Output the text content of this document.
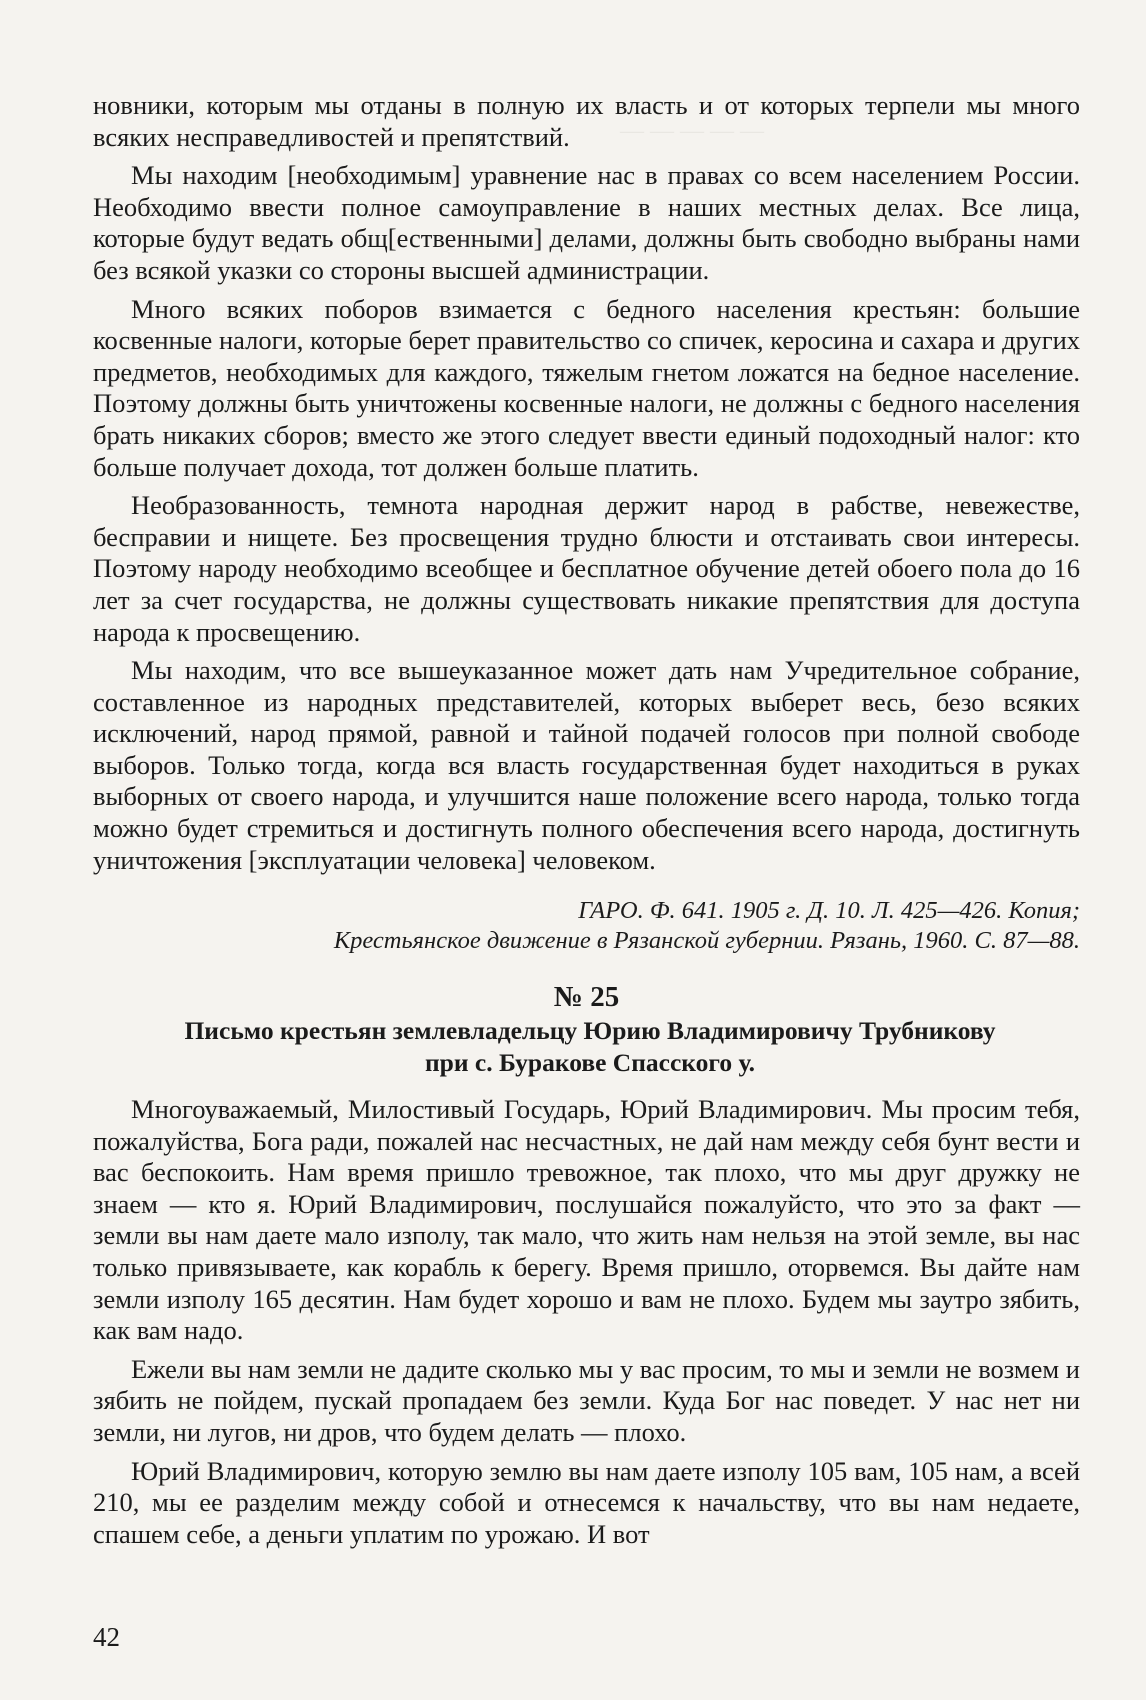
— — — — —

новники, которым мы отданы в полную их власть и от которых терпели мы много всяких несправедливостей и препятствий.

Мы находим [необходимым] уравнение нас в правах со всем населением России. Необходимо ввести полное самоуправление в наших местных делах. Все лица, которые будут ведать общ[ественными] делами, должны быть свободно выбраны нами без всякой указки со стороны высшей администрации.

Много всяких поборов взимается с бедного населения крестьян: большие косвенные налоги, которые берет правительство со спичек, керосина и сахара и других предметов, необходимых для каждого, тяжелым гнетом ложатся на бедное население. Поэтому должны быть уничтожены косвенные налоги, не должны с бедного населения брать никаких сборов; вместо же этого следует ввести единый подоходный налог: кто больше получает дохода, тот должен больше платить.

Необразованность, темнота народная держит народ в рабстве, невежестве, бесправии и нищете. Без просвещения трудно блюсти и отстаивать свои интересы. Поэтому народу необходимо всеобщее и бесплатное обучение детей обоего пола до 16 лет за счет государства, не должны существовать никакие препятствия для доступа народа к просвещению.

Мы находим, что все вышеуказанное может дать нам Учредительное собрание, составленное из народных представителей, которых выберет весь, безо всяких исключений, народ прямой, равной и тайной подачей голосов при полной свободе выборов. Только тогда, когда вся власть государственная будет находиться в руках выборных от своего народа, и улучшится наше положение всего народа, только тогда можно будет стремиться и достигнуть полного обеспечения всего народа, достигнуть уничтожения [эксплуатации человека] человеком.

ГАРО. Ф. 641. 1905 г. Д. 10. Л. 425—426. Копия;
Крестьянское движение в Рязанской губернии. Рязань, 1960. С. 87—88.
№ 25
Письмо крестьян землевладельцу Юрию Владимировичу Трубникову
при с. Буракове Спасского у.

Многоуважаемый, Милостивый Государь, Юрий Владимирович. Мы просим тебя, пожалуйства, Бога ради, пожалей нас несчастных, не дай нам между себя бунт вести и вас беспокоить. Нам время пришло тревожное, так плохо, что мы друг дружку не знаем — кто я. Юрий Владимирович, послушайся пожалуйсто, что это за факт — земли вы нам даете мало изполу, так мало, что жить нам нельзя на этой земле, вы нас только привязываете, как корабль к берегу. Время пришло, оторвемся. Вы дайте нам земли изполу 165 десятин. Нам будет хорошо и вам не плохо. Будем мы заутро зябить, как вам надо.

Ежели вы нам земли не дадите сколько мы у вас просим, то мы и земли не возмем и зябить не пойдем, пускай пропадаем без земли. Куда Бог нас поведет. У нас нет ни земли, ни лугов, ни дров, что будем делать — плохо.

Юрий Владимирович, которую землю вы нам даете изполу 105 вам, 105 нам, а всей 210, мы ее разделим между собой и отнесемся к начальству, что вы нам недаете, спашем себе, а деньги уплатим по урожаю. И вот

42
